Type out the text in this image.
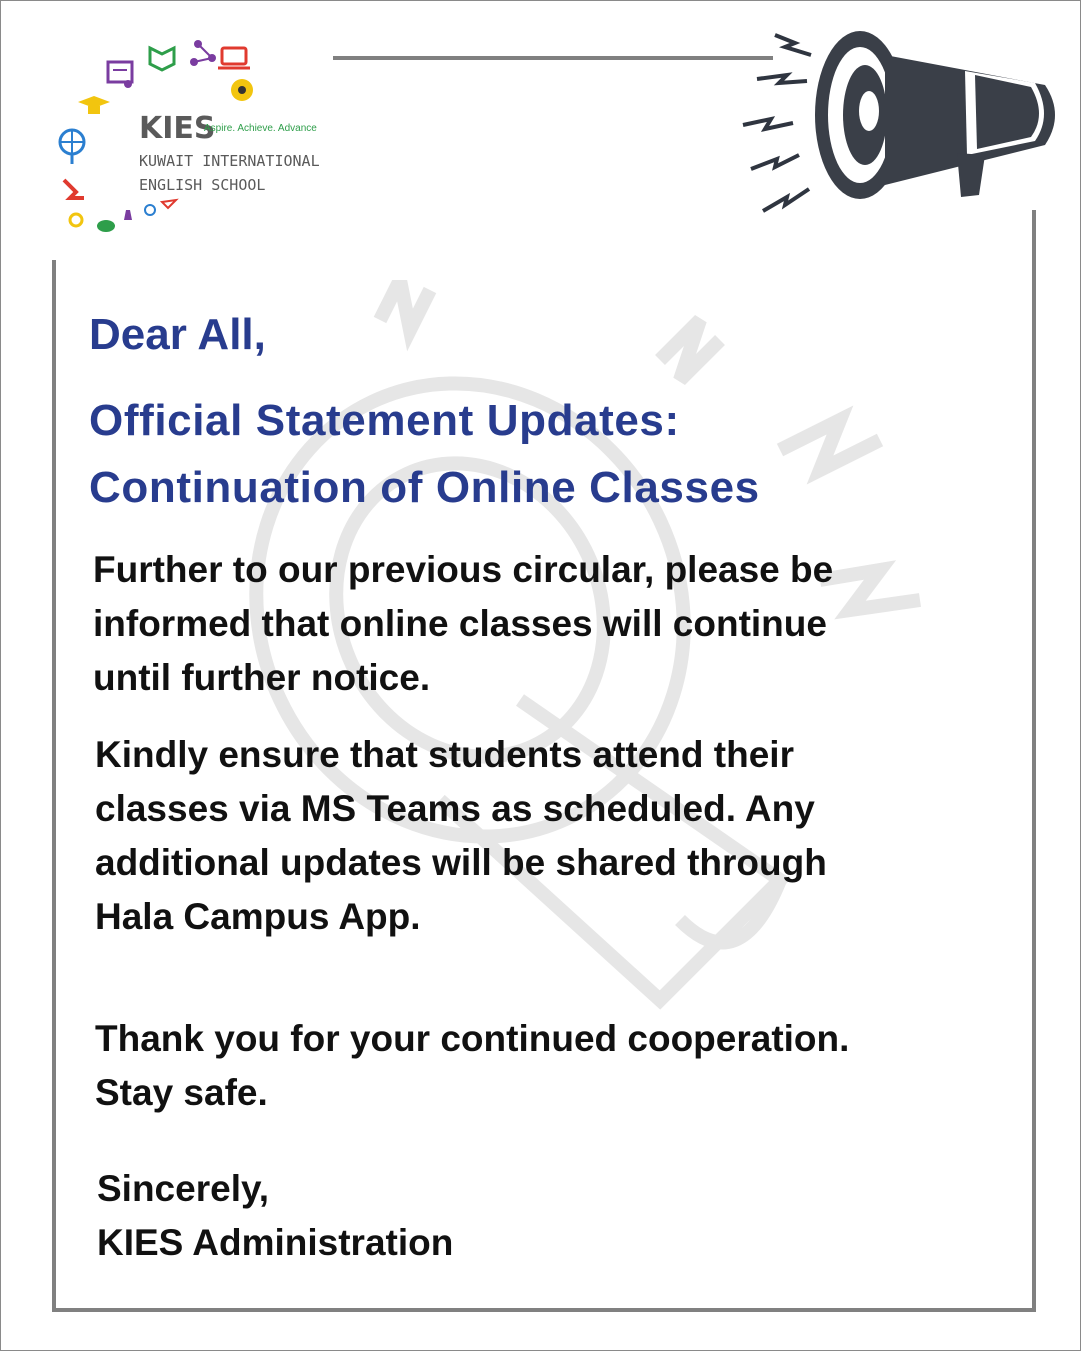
KIES
Aspire. Achieve. Advance
KUWAIT INTERNATIONAL
ENGLISH SCHOOL
Dear All,
Official Statement Updates:
Continuation of Online Classes
Further to our previous circular, please be
informed that online classes will continue
until further notice.
Kindly ensure that students attend their
classes via MS Teams as scheduled. Any
additional updates will be shared through
Hala Campus App.
Thank you for your continued cooperation.
Stay safe.
Sincerely,
KIES Administration
